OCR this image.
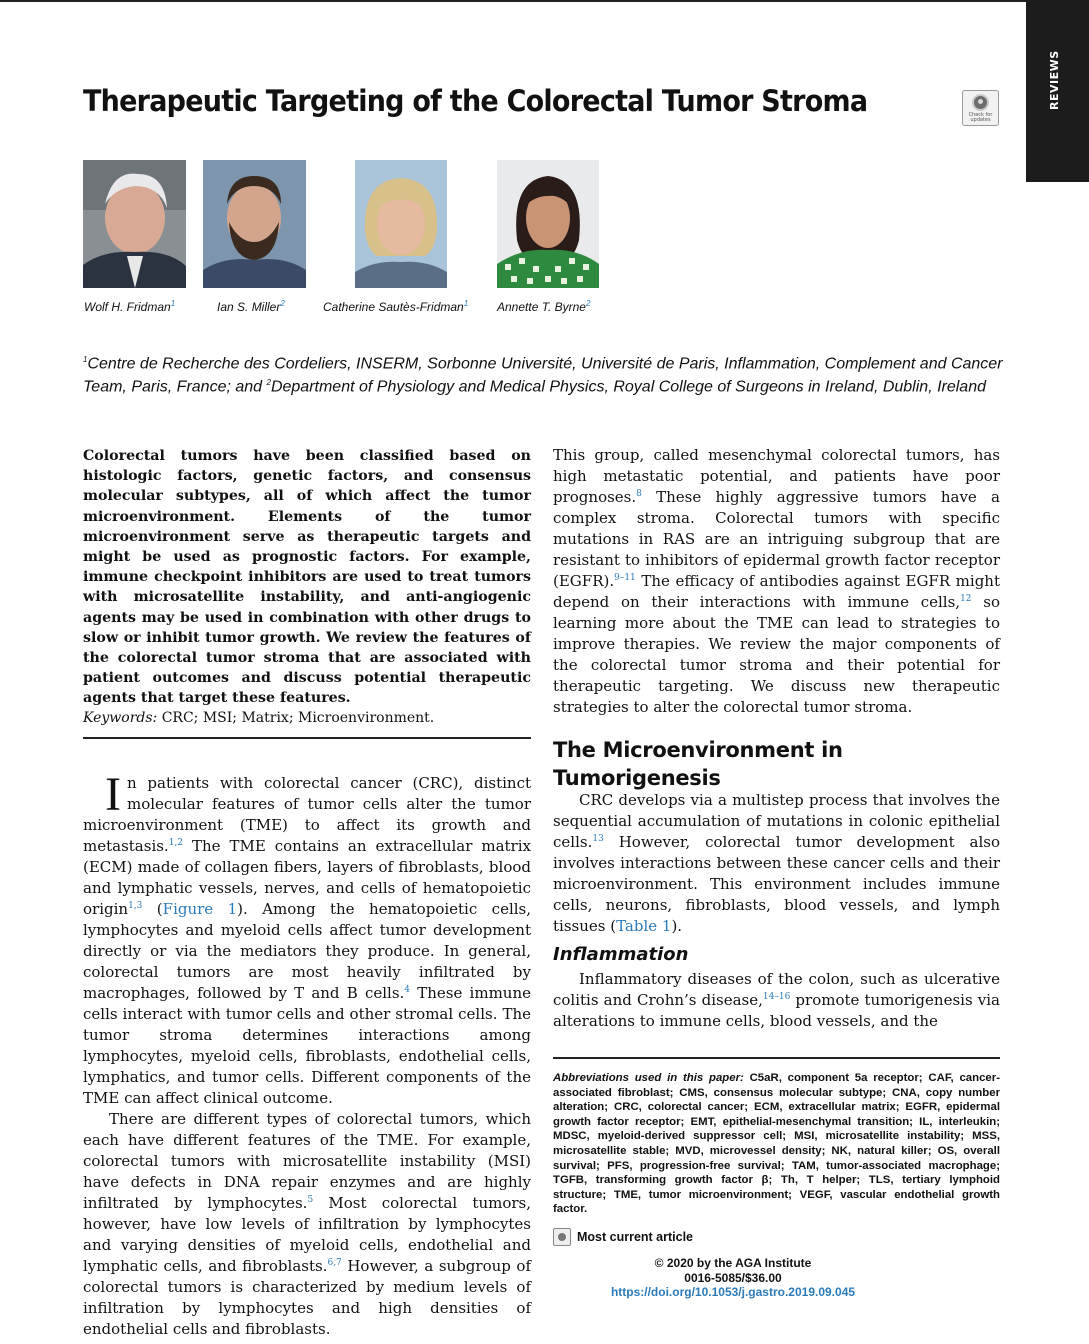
REVIEWS
Therapeutic Targeting of the Colorectal Tumor Stroma	Check for updates
Wolf H. Fridman$^1$	Ian S. Miller$^2$	Catherine Sautès-Fridman$^1$ Annette T. Byrne$^2$

$^1$Centre de Recherche des Cordeliers, INSERM, Sorbonne Université, Université de Paris, Inflammation, Complement and Cancer Team, Paris, France; and $^2$Department of Physiology and Medical Physics, Royal College of Surgeons in Ireland, Dublin, Ireland

Colorectal tumors have been classified based on histologic factors, genetic factors, and consensus molecular subtypes, all of which affect the tumor microenvironment. Elements of the tumor microenvironment serve as therapeutic targets and might be used as prognostic factors. For example, immune checkpoint inhibitors are used to treat tumors with microsatellite instability, and anti-angiogenic agents may be used in combination with other drugs to slow or inhibit tumor growth. We review the features of the colorectal tumor stroma that are associated with patient outcomes and discuss potential therapeutic agents that target these features.

Keywords: CRC; MSI; Matrix; Microenvironment.

In patients with colorectal cancer (CRC), distinct molecular features of tumor cells alter the tumor microenvironment (TME) to affect its growth and metastasis.$^{1,2}$ The TME contains an extracellular matrix (ECM) made of collagen fibers, layers of fibroblasts, blood and lymphatic vessels, nerves, and cells of hematopoietic origin$^{1,3}$ (Figure 1). Among the hematopoietic cells, lymphocytes and myeloid cells affect tumor development directly or via the mediators they produce. In general, colorectal tumors are most heavily infiltrated by macrophages, followed by T and B cells.$^4$ These immune cells interact with tumor cells and other stromal cells. The tumor stroma determines interactions among lymphocytes, myeloid cells, fibroblasts, endothelial cells, lymphatics, and tumor cells. Different components of the TME can affect clinical outcome.

There are different types of colorectal tumors, which each have different features of the TME. For example, colorectal tumors with microsatellite instability (MSI) have defects in DNA repair enzymes and are highly infiltrated by lymphocytes.$^5$ Most colorectal tumors, however, have low levels of infiltration by lymphocytes and varying densities of myeloid cells, endothelial and lymphatic cells, and fibroblasts.$^{6,7}$ However, a subgroup of colorectal tumors is characterized by medium levels of infiltration by lymphocytes and high densities of endothelial cells and fibroblasts.

This group, called mesenchymal colorectal tumors, has high metastatic potential, and patients have poor prognoses.$^8$ These highly aggressive tumors have a complex stroma. Colorectal tumors with specific mutations in RAS are an intriguing subgroup that are resistant to inhibitors of epidermal growth factor receptor (EGFR).$^{9-11}$ The efficacy of antibodies against EGFR might depend on their interactions with immune cells,$^{12}$ so learning more about the TME can lead to strategies to improve therapies. We review the major components of the colorectal tumor stroma and their potential for therapeutic targeting. We discuss new therapeutic strategies to alter the colorectal tumor stroma.

The Microenvironment in Tumorigenesis

CRC develops via a multistep process that involves the sequential accumulation of mutations in colonic epithelial cells.$^{13}$ However, colorectal tumor development also involves interactions between these cancer cells and their microenvironment. This environment includes immune cells, neurons, fibroblasts, blood vessels, and lymph tissues (Table 1).

Inflammation

Inflammatory diseases of the colon, such as ulcerative colitis and Crohn’s disease,$^{14-16}$ promote tumorigenesis via alterations to immune cells, blood vessels, and the

Abbreviations used in this paper: C5aR, component 5a receptor; CAF, cancer-associated fibroblast; CMS, consensus molecular subtype; CNA, copy number alteration; CRC, colorectal cancer; ECM, extracellular matrix; EGFR, epidermal growth factor receptor; EMT, epithelial-mesenchymal transition; IL, interleukin; MDSC, myeloid-derived suppressor cell; MSI, microsatellite instability; MSS, microsatellite stable; MVD, microvessel density; NK, natural killer; OS, overall survival; PFS, progression-free survival; TAM, tumor-associated macrophage; TGFB, transforming growth factor β; Th, T helper; TLS, tertiary lymphoid structure; TME, tumor microenvironment; VEGF, vascular endothelial growth factor.

Most current article
© 2020 by the AGA Institute
0016-5085/$36.00
https://doi.org/10.1053/j.gastro.2019.09.045
